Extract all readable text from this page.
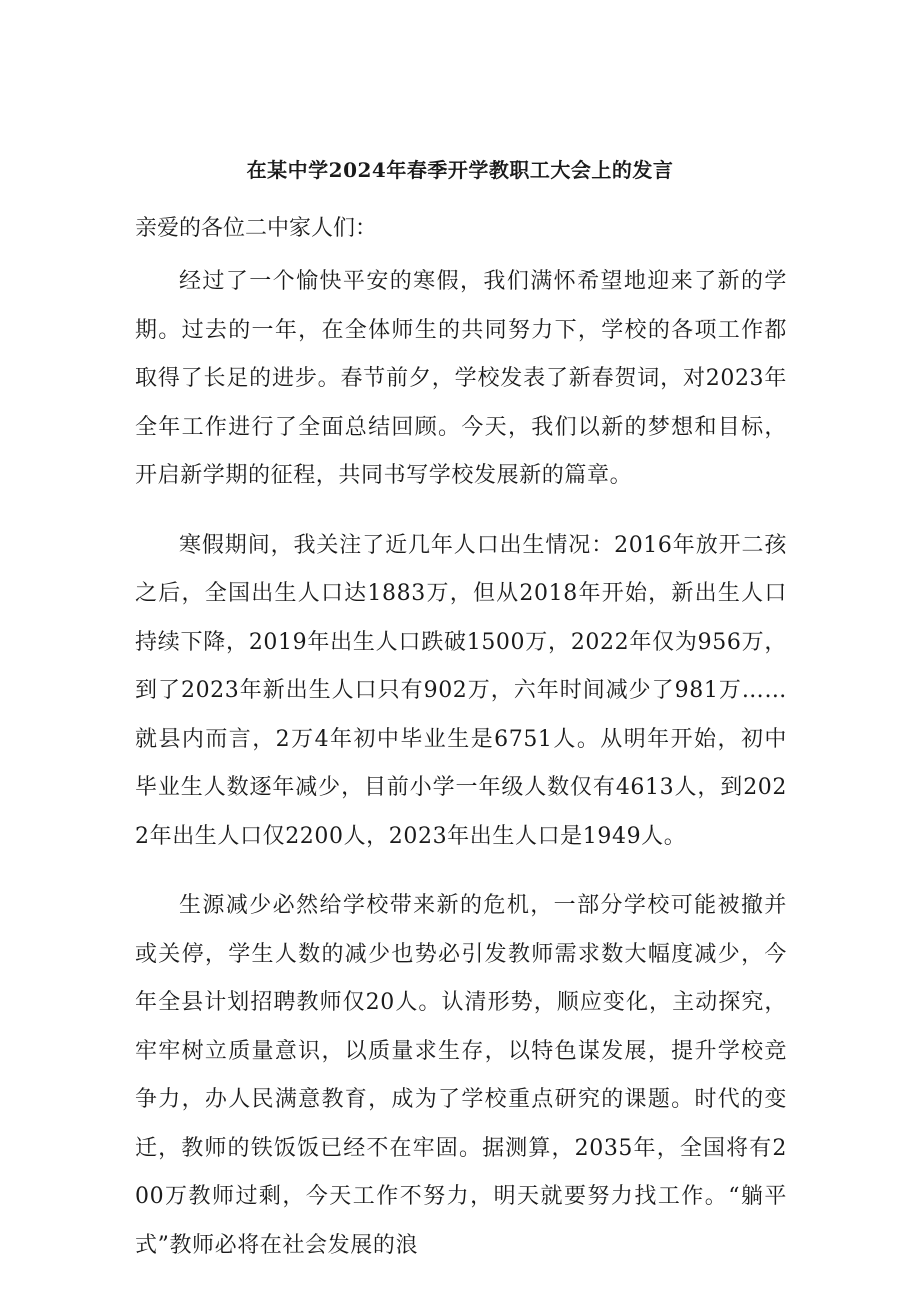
在某中学2024年春季开学教职工大会上的发言

亲爱的各位二中家人们：

经过了一个愉快平安的寒假，我们满怀希望地迎来了新的学期。过去的一年，在全体师生的共同努力下，学校的各项工作都取得了长足的进步。春节前夕，学校发表了新春贺词，对2023年全年工作进行了全面总结回顾。今天，我们以新的梦想和目标，开启新学期的征程，共同书写学校发展新的篇章。

寒假期间，我关注了近几年人口出生情况：2016年放开二孩之后，全国出生人口达1883万，但从2018年开始，新出生人口持续下降，2019年出生人口跌破1500万，2022年仅为956万，到了2023年新出生人口只有902万，六年时间减少了981万……就县内而言，2万4年初中毕业生是6751人。从明年开始，初中毕业生人数逐年减少，目前小学一年级人数仅有4613人，到2022年出生人口仅2200人，2023年出生人口是1949人。

生源减少必然给学校带来新的危机，一部分学校可能被撤并或关停，学生人数的减少也势必引发教师需求数大幅度减少，今年全县计划招聘教师仅20人。认清形势，顺应变化，主动探究，牢牢树立质量意识，以质量求生存，以特色谋发展，提升学校竞争力，办人民满意教育，成为了学校重点研究的课题。时代的变迁，教师的铁饭饭已经不在牢固。据测算，2035年，全国将有200万教师过剩，今天工作不努力，明天就要努力找工作。“躺平式”教师必将在社会发展的浪
